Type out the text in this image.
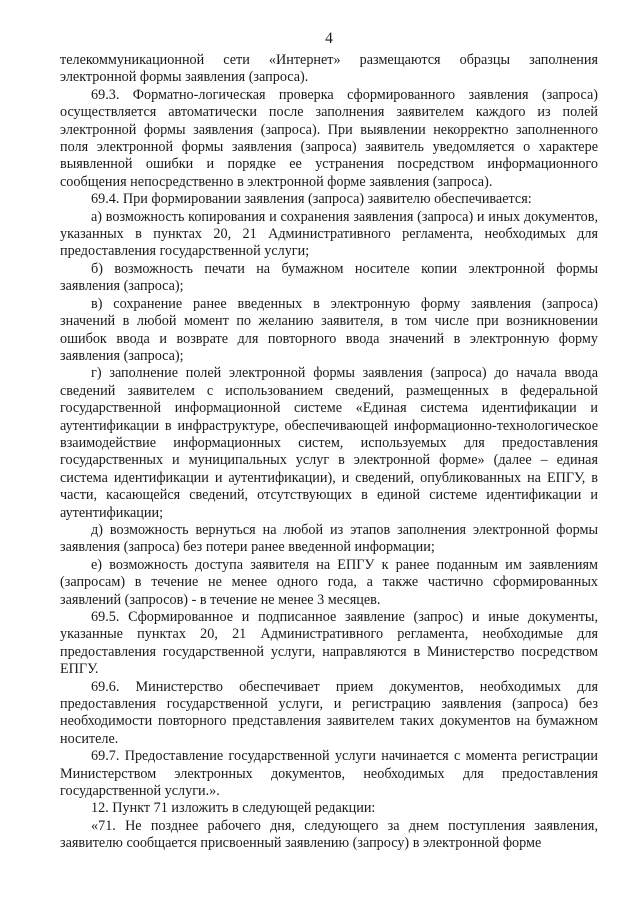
4

телекоммуникационной сети «Интернет» размещаются образцы заполнения электронной формы заявления (запроса).

69.3. Форматно-логическая проверка сформированного заявления (запроса) осуществляется автоматически после заполнения заявителем каждого из полей электронной формы заявления (запроса). При выявлении некорректно заполненного поля электронной формы заявления (запроса) заявитель уведомляется о характере выявленной ошибки и порядке ее устранения посредством информационного сообщения непосредственно в электронной форме заявления (запроса).

69.4. При формировании заявления (запроса) заявителю обеспечивается:

а) возможность копирования и сохранения заявления (запроса) и иных документов, указанных в пунктах 20, 21 Административного регламента, необходимых для предоставления государственной услуги;

б) возможность печати на бумажном носителе копии электронной формы заявления (запроса);

в) сохранение ранее введенных в электронную форму заявления (запроса) значений в любой момент по желанию заявителя, в том числе при возникновении ошибок ввода и возврате для повторного ввода значений в электронную форму заявления (запроса);

г) заполнение полей электронной формы заявления (запроса) до начала ввода сведений заявителем с использованием сведений, размещенных в федеральной государственной информационной системе «Единая система идентификации и аутентификации в инфраструктуре, обеспечивающей информационно-технологическое взаимодействие информационных систем, используемых для предоставления государственных и муниципальных услуг в электронной форме» (далее – единая система идентификации и аутентификации), и сведений, опубликованных на ЕПГУ, в части, касающейся сведений, отсутствующих в единой системе идентификации и аутентификации;

д) возможность вернуться на любой из этапов заполнения электронной формы заявления (запроса) без потери ранее введенной информации;

е) возможность доступа заявителя на ЕПГУ к ранее поданным им заявлениям (запросам) в течение не менее одного года, а также частично сформированных заявлений (запросов) - в течение не менее 3 месяцев.

69.5. Сформированное и подписанное заявление (запрос) и иные документы, указанные пунктах 20, 21 Административного регламента, необходимые для предоставления государственной услуги, направляются в Министерство посредством ЕПГУ.

69.6. Министерство обеспечивает прием документов, необходимых для предоставления государственной услуги, и регистрацию заявления (запроса) без необходимости повторного представления заявителем таких документов на бумажном носителе.

69.7. Предоставление государственной услуги начинается с момента регистрации Министерством электронных документов, необходимых для предоставления государственной услуги.».

12. Пункт 71 изложить в следующей редакции:

«71. Не позднее рабочего дня, следующего за днем поступления заявления, заявителю сообщается присвоенный заявлению (запросу) в электронной форме
